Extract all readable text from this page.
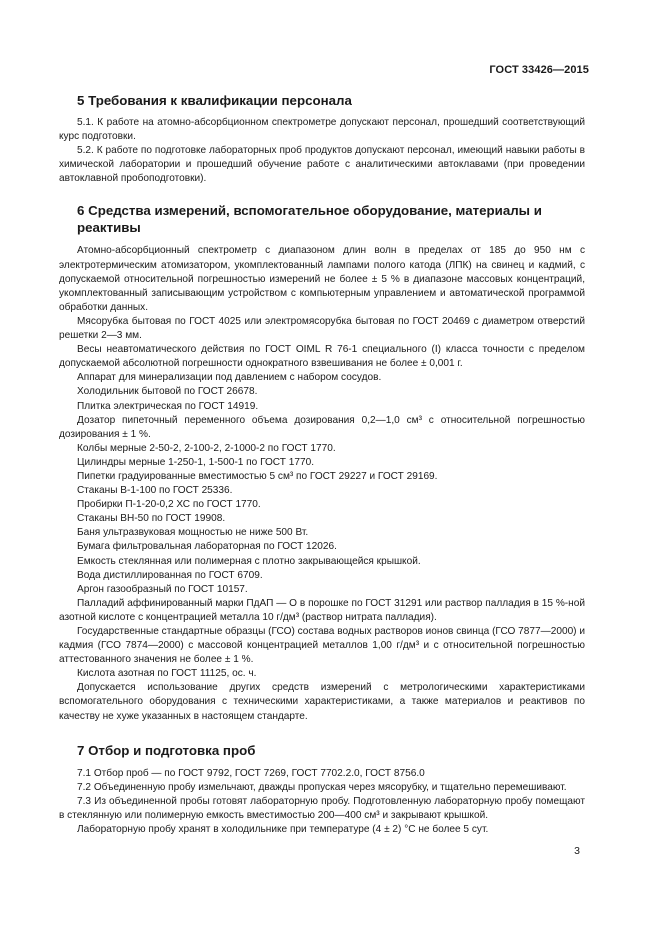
ГОСТ 33426—2015
5 Требования к квалификации персонала

5.1. К работе на атомно-абсорбционном спектрометре допускают персонал, прошедший соответствующий курс подготовки.

5.2. К работе по подготовке лабораторных проб продуктов допускают персонал, имеющий навыки работы в химической лаборатории и прошедший обучение работе с аналитическими автоклавами (при проведении автоклавной пробоподготовки).

6 Средства измерений, вспомогательное оборудование, материалы и реактивы

Атомно-абсорбционный спектрометр с диапазоном длин волн в пределах от 185 до 950 нм с электротермическим атомизатором, укомплектованный лампами полого катода (ЛПК) на свинец и кадмий, с допускаемой относительной погрешностью измерений не более ± 5 % в диапазоне массовых концентраций, укомплектованный записывающим устройством с компьютерным управлением и автоматической программой обработки данных.

Мясорубка бытовая по ГОСТ 4025 или электромясорубка бытовая по ГОСТ 20469 с диаметром отверстий решетки 2—3 мм.

Весы неавтоматического действия по ГОСТ OIML R 76-1 специального (I) класса точности с пределом допускаемой абсолютной погрешности однократного взвешивания не более ± 0,001 г.

Аппарат для минерализации под давлением с набором сосудов.

Холодильник бытовой по ГОСТ 26678.

Плитка электрическая по ГОСТ 14919.

Дозатор пипеточный переменного объема дозирования 0,2—1,0 см³ с относительной погрешностью дозирования ± 1 %.

Колбы мерные 2-50-2, 2-100-2, 2-1000-2 по ГОСТ 1770.

Цилиндры мерные 1-250-1, 1-500-1 по ГОСТ 1770.

Пипетки градуированные вместимостью 5 см³ по ГОСТ 29227 и ГОСТ 29169.

Стаканы В-1-100 по ГОСТ 25336.

Пробирки П-1-20-0,2 ХС по ГОСТ 1770.

Стаканы ВН-50 по ГОСТ 19908.

Баня ультразвуковая мощностью не ниже 500 Вт.

Бумага фильтровальная лабораторная по ГОСТ 12026.

Емкость стеклянная или полимерная с плотно закрывающейся крышкой.

Вода дистиллированная по ГОСТ 6709.

Аргон газообразный по ГОСТ 10157.

Палладий аффинированный марки ПдАП — О в порошке по ГОСТ 31291 или раствор палладия в 15 %-ной азотной кислоте с концентрацией металла 10 г/дм³ (раствор нитрата палладия).

Государственные стандартные образцы (ГСО) состава водных растворов ионов свинца (ГСО 7877—2000) и кадмия (ГСО 7874—2000) с массовой концентрацией металлов 1,00 г/дм³ и с относительной погрешностью аттестованного значения не более ± 1 %.

Кислота азотная по ГОСТ 11125, ос. ч.

Допускается использование других средств измерений с метрологическими характеристиками вспомогательного оборудования с техническими характеристиками, а также материалов и реактивов по качеству не хуже указанных в настоящем стандарте.

7 Отбор и подготовка проб

7.1 Отбор проб — по ГОСТ 9792, ГОСТ 7269, ГОСТ 7702.2.0, ГОСТ 8756.0

7.2 Объединенную пробу измельчают, дважды пропуская через мясорубку, и тщательно перемешивают.

7.3 Из объединенной пробы готовят лабораторную пробу. Подготовленную лабораторную пробу помещают в стеклянную или полимерную емкость вместимостью 200—400 см³ и закрывают крышкой.

Лабораторную пробу хранят в холодильнике при температуре (4 ± 2) °C не более 5 сут.

3
